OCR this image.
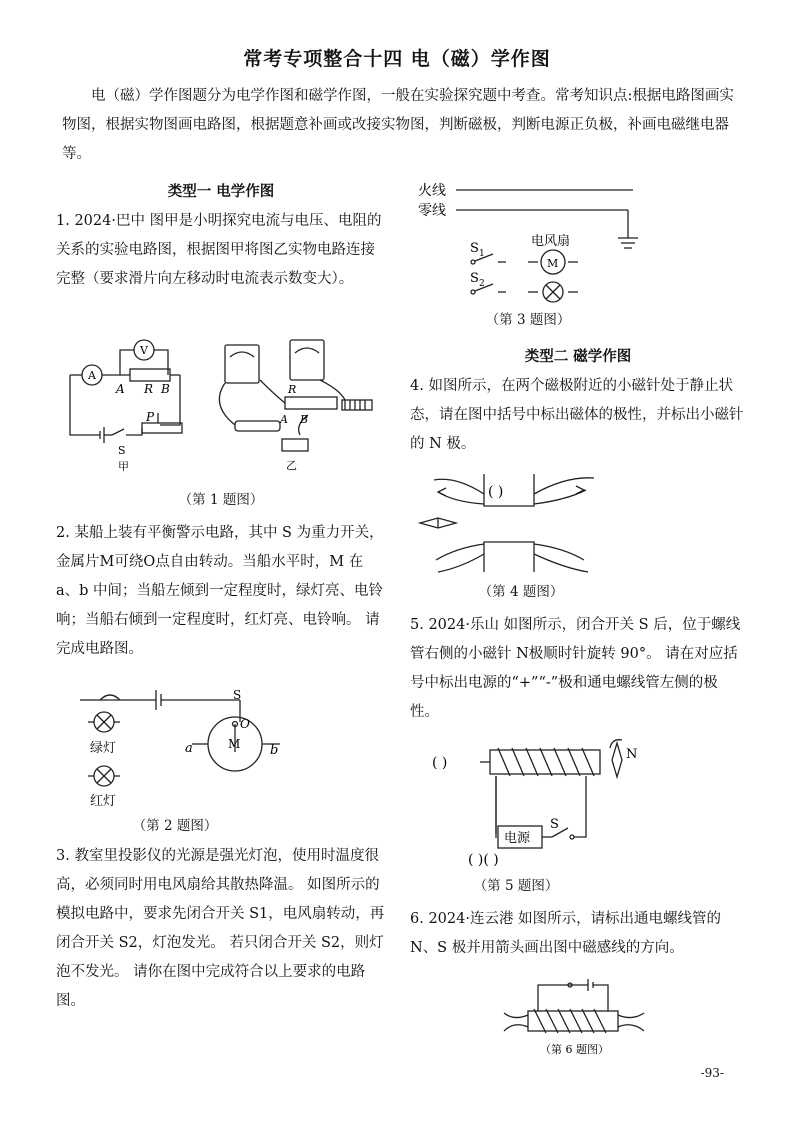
常考专项整合十四 电（磁）学作图
电（磁）学作图题分为电学作图和磁学作图，一般在实验探究题中考查。常考知识点:根据电路图画实物图，根据实物图画电路图，根据题意补画或改接实物图，判断磁极，判断电源正负极，补画电磁继电器等。
类型一 电学作图
1. 2024·巴中 图甲是小明探究电流与电压、电阻的关系的实验电路图，根据图甲将图乙实物电路连接完整（要求滑片向左移动时电流表示数变大）。
A
V
A R B
P
S
甲	乙
R
A B
（第 1 题图）
2. 某船上装有平衡警示电路，其中 S 为重力开关，金属片M可绕O点自由转动。当船水平时，M 在 a、b 中间；当船左倾到一定程度时，绿灯亮、电铃响；当船右倾到一定程度时，红灯亮、电铃响。 请完成电路图。
绿灯
红灯
S
O
M
a	b
（第 2 题图）
3. 教室里投影仪的光源是强光灯泡，使用时温度很高，必须同时用电风扇给其散热降温。 如图所示的模拟电路中，要求先闭合开关 S1，电风扇转动，再闭合开关 S2，灯泡发光。 若只闭合开关 S2，则灯泡不发光。 请你在图中完成符合以上要求的电路图。
火线
零线
S 1
S 2
电风扇
M
（第 3 题图）
类型二 磁学作图
4. 如图所示，在两个磁极附近的小磁针处于静止状态，请在图中括号中标出磁体的极性，并标出小磁针的 N 极。
( )
（第 4 题图）
5. 2024·乐山 如图所示，闭合开关 S 后，位于螺线管右侧的小磁针 N极顺时针旋转 90°。 请在对应括号中标出电源的“+”“-”极和通电螺线管左侧的极性。
( )
N
电源
S
( )( )
（第 5 题图）
6. 2024·连云港 如图所示，请标出通电螺线管的 N、S 极并用箭头画出图中磁感线的方向。
（第 6 题图）
-93-
